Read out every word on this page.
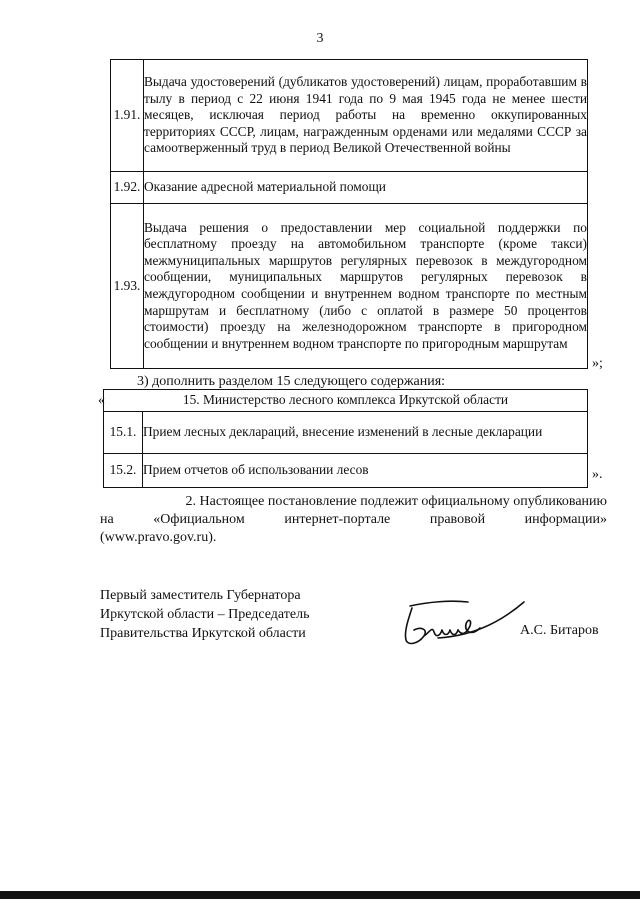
3
1.91.	Выдача удостоверений (дубликатов удостоверений) лицам, проработавшим в тылу в период с 22 июня 1941 года по 9 мая 1945 года не менее шести месяцев, исключая период работы на временно оккупированных территориях СССР, лицам, награжденным орденами или медалями СССР за самоотверженный труд в период Великой Отечественной войны
1.92.	Оказание адресной материальной помощи
1.93.	Выдача решения о предоставлении мер социальной поддержки по бесплатному проезду на автомобильном транспорте (кроме такси) межмуниципальных маршрутов регулярных перевозок в междугородном сообщении, муниципальных маршрутов регулярных перевозок в междугородном сообщении и внутреннем водном транспорте по местным маршрутам и бесплатному (либо с оплатой в размере 50 процентов стоимости) проезду на железнодорожном транспорте в пригородном сообщении и внутреннем водном транспорте по пригородным маршрутам
»;
3) дополнить разделом 15 следующего содержания:
«	15. Министерство лесного комплекса Иркутской области	
15.1.	Прием лесных деклараций, внесение изменений в лесные декларации
15.2.	Прием отчетов об использовании лесов	».
2. Настоящее постановление подлежит официальному опубликованию
на	«Официальном	интернет-портале	правовой	информации»
(www.pravo.gov.ru).
Первый заместитель Губернатора
Иркутской области – Председатель
Правительства Иркутской области	А.С. Битаров
